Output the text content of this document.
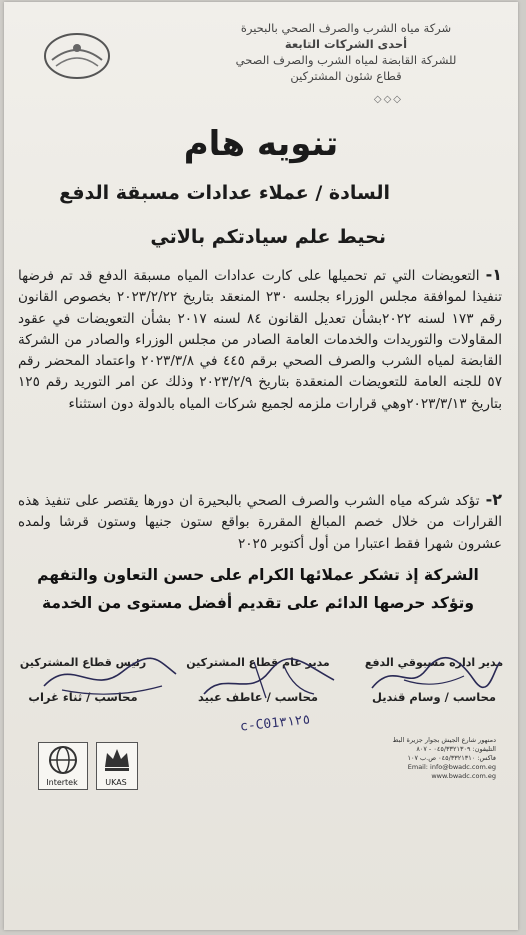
شركة مياه الشرب والصرف الصحي بالبحيرة
أحدى الشركات التابعة
للشركة القابضة لمياه الشرب والصرف الصحي
قطاع شئون المشتركين
◇◇◇
تنويه هام
السادة / عملاء عدادات مسبقة الدفع
نحيط علم سيادتكم بالاتي
١-التعويضات التي تم تحميلها على كارت عدادات المياه مسبقة الدفع قد تم فرضها تنفيذا لموافقة مجلس الوزراء بجلسه ٢٣٠ المنعقد بتاريخ ٢٠٢٣/٢/٢٢ بخصوص القانون رقم ١٧٣ لسنه ٢٠٢٢بشأن تعديل القانون ٨٤ لسنه ٢٠١٧ بشأن التعويضات في عقود المقاولات والتوريدات والخدمات العامة الصادر من مجلس الوزراء والصادر من الشركة القابضة لمياه الشرب والصرف الصحي برقم ٤٤٥ في ٢٠٢٣/٣/٨ واعتماد المحضر رقم ٥٧ للجنه العامة للتعويضات المنعقدة بتاريخ ٢٠٢٣/٢/٩ وذلك عن امر التوريد رقم ١٢٥ بتاريخ ٢٠٢٣/٣/١٣وهي قرارات ملزمه لجميع شركات المياه بالدولة دون استثناء
٢-تؤكد شركه مياه الشرب والصرف الصحي بالبحيرة ان دورها يقتصر على تنفيذ هذه القرارات من خلال خصم المبالغ المقررة بواقع ستون جنيها وستون قرشا ولمده عشرون شهرا فقط اعتبارا من أول أكتوبر ٢٠٢٥
الشركة إذ تشكر عملائها الكرام على حسن التعاون والتفهم
وتؤكد حرصها الدائم على تقديم أفضل مستوى من الخدمة
مدير اداره مسبوقي الدفع
مدير عام قطاع المشتركين
رئيس قطاع المشتركين
محاسب / وسام قنديل
محاسب / عاطف عبيد
محاسب / ثناء غراب
c-C01۳۱۲٥
دمنهور شارع الجيش بجوار جزيرة البط
التليفون: ٠٤٥/٣٣٢١٣٠٩ - ٨٠٧
فاكس: ٠٤٥/٣٣٢١٣١٠ ص.ب ١٠٧
Email: info@bwadc.com.eg
www.bwadc.com.eg
Intertek	UKAS
